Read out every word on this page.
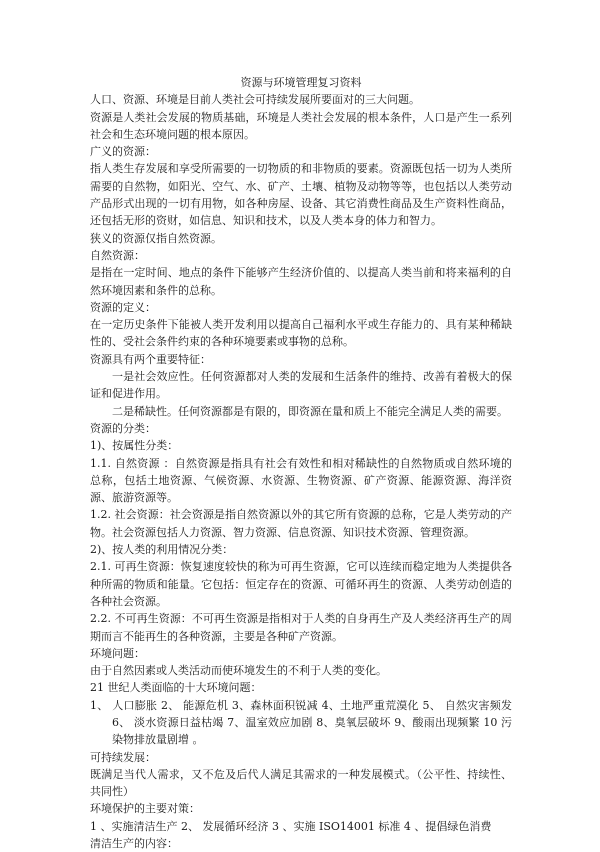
资源与环境管理复习资料

人口、资源、环境是目前人类社会可持续发展所要面对的三大问题。

资源是人类社会发展的物质基础，环境是人类社会发展的根本条件，人口是产生一系列社会和生态环境问题的根本原因。

广义的资源：

指人类生存发展和享受所需要的一切物质的和非物质的要素。资源既包括一切为人类所需要的自然物，如阳光、空气、水、矿产、土壤、植物及动物等等，也包括以人类劳动产品形式出现的一切有用物，如各种房屋、设备、其它消费性商品及生产资料性商品，还包括无形的资财，如信息、知识和技术，以及人类本身的体力和智力。

狭义的资源仅指自然资源。

自然资源：

是指在一定时间、地点的条件下能够产生经济价值的、以提高人类当前和将来福利的自然环境因素和条件的总称。

资源的定义：

在一定历史条件下能被人类开发利用以提高自己福利水平或生存能力的、具有某种稀缺性的、受社会条件约束的各种环境要素或事物的总称。

资源具有两个重要特征：

一是社会效应性。任何资源都对人类的发展和生活条件的维持、改善有着极大的保证和促进作用。

二是稀缺性。任何资源都是有限的，即资源在量和质上不能完全满足人类的需要。

资源的分类：

1)、按属性分类：

1.1. 自然资源 ：自然资源是指具有社会有效性和相对稀缺性的自然物质或自然环境的总称，包括土地资源、气候资源、水资源、生物资源、矿产资源、能源资源、海洋资源、旅游资源等。

1.2. 社会资源：社会资源是指自然资源以外的其它所有资源的总称，它是人类劳动的产物。社会资源包括人力资源、智力资源、信息资源、知识技术资源、管理资源。

2)、按人类的利用情况分类：

2.1. 可再生资源：恢复速度较快的称为可再生资源，它可以连续而稳定地为人类提供各种所需的物质和能量。它包括：恒定存在的资源、可循环再生的资源、人类劳动创造的各种社会资源。

2.2. 不可再生资源：不可再生资源是指相对于人类的自身再生产及人类经济再生产的周期而言不能再生的各种资源，主要是各种矿产资源。

环境问题：

由于自然因素或人类活动而使环境发生的不利于人类的变化。

21 世纪人类面临的十大环境问题：

1、 人口膨胀 2、 能源危机 3、森林面积锐减 4、土地严重荒漠化 5、 自然灾害频发 6、 淡水资源日益枯竭 7、温室效应加剧 8、臭氧层破坏 9、酸雨出现频繁 10 污染物排放量剧增 。

可持续发展：

既满足当代人需求，又不危及后代人满足其需求的一种发展模式。（公平性、持续性、共同性）

环境保护的主要对策：

1 、实施清洁生产 2、 发展循环经济 3 、实施 ISO14001 标准 4 、提倡绿色消费

清洁生产的内容：
